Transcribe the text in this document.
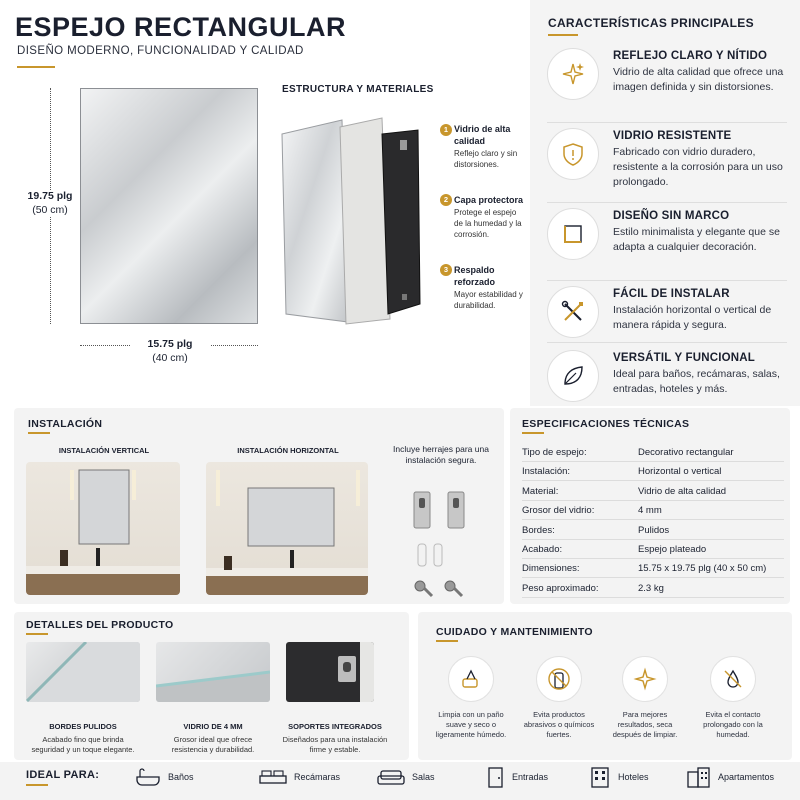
ESPEJO RECTANGULAR
DISEÑO MODERNO, FUNCIONALIDAD Y CALIDAD
19.75 plg
(50 cm)
15.75 plg
(40 cm)
ESTRUCTURA Y MATERIALES
1 Vidrio de alta calidad
Reflejo claro y sin distorsiones.
2 Capa protectora
Protege el espejo de la humedad y la corrosión.
3 Respaldo reforzado
Mayor estabilidad y durabilidad.
CARACTERÍSTICAS PRINCIPALES
REFLEJO CLARO Y NÍTIDO
Vidrio de alta calidad que ofrece una imagen definida y sin distorsiones.
VIDRIO RESISTENTE
Fabricado con vidrio duradero, resistente a la corrosión para un uso prolongado.
DISEÑO SIN MARCO
Estilo minimalista y elegante que se adapta a cualquier decoración.
FÁCIL DE INSTALAR
Instalación horizontal o vertical de manera rápida y segura.
VERSÁTIL Y FUNCIONAL
Ideal para baños, recámaras, salas, entradas, hoteles y más.
INSTALACIÓN
INSTALACIÓN VERTICAL	INSTALACIÓN HORIZONTAL	Incluye herrajes para una instalación segura.
ESPECIFICACIONES TÉCNICAS
Tipo de espejo:	Decorativo rectangular
Instalación:	Horizontal o vertical
Material:	Vidrio de alta calidad
Grosor del vidrio:	4 mm
Bordes:	Pulidos
Acabado:	Espejo plateado
Dimensiones:	15.75 x 19.75 plg (40 x 50 cm)
Peso aproximado:	2.3 kg
DETALLES DEL PRODUCTO
BORDES PULIDOS
Acabado fino que brinda seguridad y un toque elegante.
VIDRIO DE 4 MM
Grosor ideal que ofrece resistencia y durabilidad.
SOPORTES INTEGRADOS
Diseñados para una instalación firme y estable.
CUIDADO Y MANTENIMIENTO
Limpia con un paño suave y seco o ligeramente húmedo.
Evita productos abrasivos o químicos fuertes.
Para mejores resultados, seca después de limpiar.
Evita el contacto prolongado con la humedad.
IDEAL PARA:	Baños	Recámaras	Salas	Entradas	Hoteles	Apartamentos
